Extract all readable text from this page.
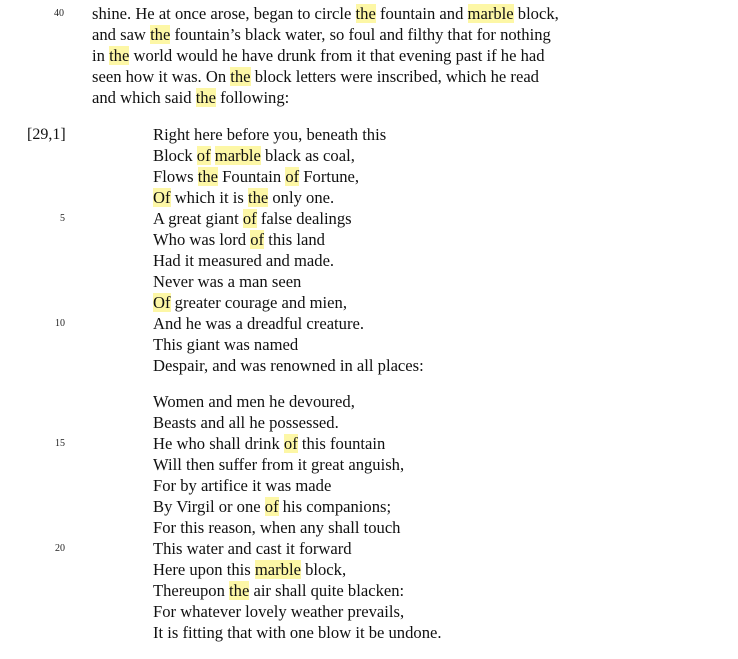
40 shine. He at once arose, began to circle the fountain and marble block,
and saw the fountain’s black water, so foul and filthy that for nothing
in the world would he have drunk from it that evening past if he had
seen how it was. On the block letters were inscribed, which he read
and which said the following:
[29,1]
5
10
15
20
Right here before you, beneath this
Block of marble black as coal,
Flows the Fountain of Fortune,
Of which it is the only one.
A great giant of false dealings
Who was lord of this land
Had it measured and made.
Never was a man seen
Of greater courage and mien,
And he was a dreadful creature.
This giant was named
Despair, and was renowned in all places:
Women and men he devoured,
Beasts and all he possessed.
He who shall drink of this fountain
Will then suffer from it great anguish,
For by artifice it was made
By Virgil or one of his companions;
For this reason, when any shall touch
This water and cast it forward
Here upon this marble block,
Thereupon the air shall quite blacken:
For whatever lovely weather prevails,
It is fitting that with one blow it be undone.
